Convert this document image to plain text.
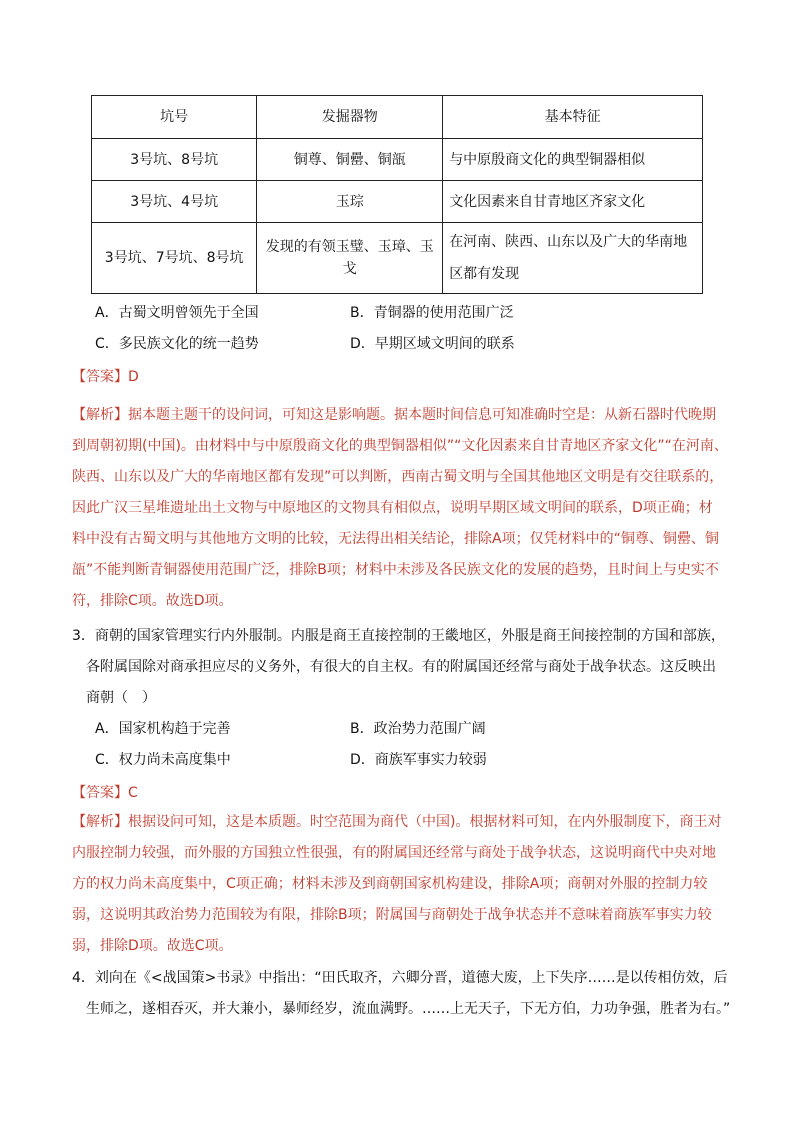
坑号	发掘器物	基本特征
3号坑、8号坑	铜尊、铜罍、铜瓿	与中原殷商文化的典型铜器相似
3号坑、4号坑	玉琮	文化因素来自甘青地区齐家文化
3号坑、7号坑、8号坑	发现的有领玉璧、玉璋、玉戈	在河南、陕西、山东以及广大的华南地
区都有发现
A．古蜀文明曾领先于全国	B．青铜器的使用范围广泛
C．多民族文化的统一趋势	D．早期区域文明间的联系
【答案】D
【解析】据本题主题干的设问词，可知这是影响题。据本题时间信息可知准确时空是：从新石器时代晚期
到周朝初期(中国)。由材料中与中原殷商文化的典型铜器相似”“文化因素来自甘青地区齐家文化”“在河南、
陕西、山东以及广大的华南地区都有发现”可以判断，西南古蜀文明与全国其他地区文明是有交往联系的，
因此广汉三星堆遗址出土文物与中原地区的文物具有相似点，说明早期区域文明间的联系，D项正确；材
料中没有古蜀文明与其他地方文明的比较，无法得出相关结论，排除A项；仅凭材料中的“铜尊、铜罍、铜
瓿”不能判断青铜器使用范围广泛，排除B项；材料中未涉及各民族文化的发展的趋势，且时间上与史实不
符，排除C项。故选D项。
3．商朝的国家管理实行内外服制。内服是商王直接控制的王畿地区，外服是商王间接控制的方国和部族，
各附属国除对商承担应尽的义务外，有很大的自主权。有的附属国还经常与商处于战争状态。这反映出
商朝（　）
A．国家机构趋于完善	B．政治势力范围广阔
C．权力尚未高度集中	D．商族军事实力较弱
【答案】C
【解析】根据设问可知，这是本质题。时空范围为商代（中国)。根据材料可知，在内外服制度下，商王对
内服控制力较强，而外服的方国独立性很强，有的附属国还经常与商处于战争状态，这说明商代中央对地
方的权力尚未高度集中，C项正确；材料未涉及到商朝国家机构建设，排除A项；商朝对外服的控制力较
弱，这说明其政治势力范围较为有限，排除B项；附属国与商朝处于战争状态并不意味着商族军事实力较
弱，排除D项。故选C项。
4．刘向在《<战国策>书录》中指出：“田氏取齐，六卿分晋，道德大废，上下失序……是以传相仿效，后
生师之，遂相吞灭，并大兼小，暴师经岁，流血满野。……上无天子，下无方伯，力功争强，胜者为右。”
